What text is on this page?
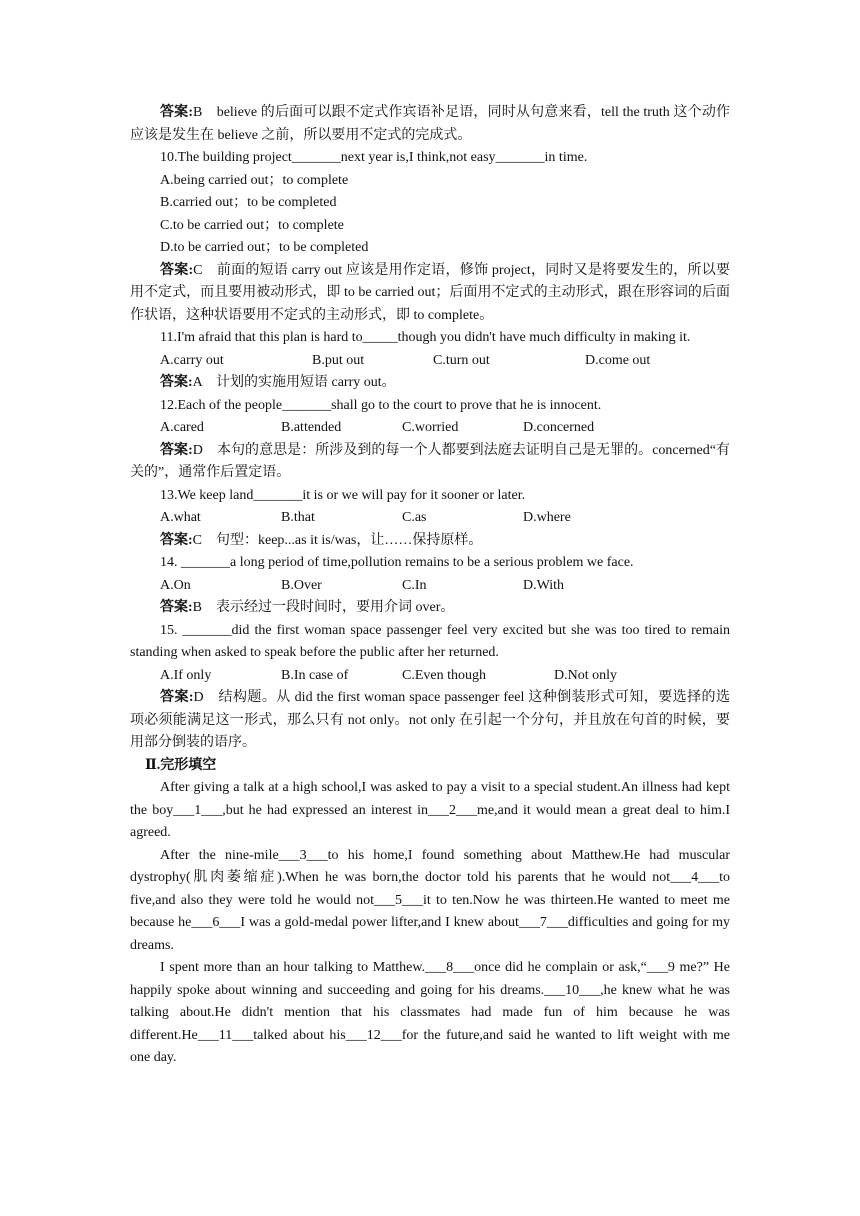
答案:B　believe 的后面可以跟不定式作宾语补足语，同时从句意来看，tell the truth 这个动作应该是发生在 believe 之前，所以要用不定式的完成式。

10.The building project_______next year is,I think,not easy_______in time.

A.being carried out；to complete

B.carried out；to be completed

C.to be carried out；to complete

D.to be carried out；to be completed

答案:C　前面的短语 carry out 应该是用作定语，修饰 project，同时又是将要发生的，所以要用不定式，而且要用被动形式，即 to be carried out；后面用不定式的主动形式，跟在形容词的后面作状语，这种状语要用不定式的主动形式，即 to complete。

11.I'm afraid that this plan is hard to_____though you didn't have much difficulty in making it.

A.carry out	B.put out	C.turn out	D.come out

答案:A　计划的实施用短语 carry out。

12.Each of the people_______shall go to the court to prove that he is innocent.

A.cared	B.attended	C.worried	D.concerned

答案:D　本句的意思是：所涉及到的每一个人都要到法庭去证明自己是无罪的。concerned“有关的”，通常作后置定语。

13.We keep land_______it is or we will pay for it sooner or later.

A.what	B.that	C.as	D.where

答案:C　句型：keep...as it is/was，让……保持原样。

14. _______a long period of time,pollution remains to be a serious problem we face.

A.On	B.Over	C.In	D.With

答案:B　表示经过一段时间时，要用介词 over。

15. _______did the first woman space passenger feel very excited but she was too tired to remain standing when asked to speak before the public after her returned.

A.If only	B.In case of	C.Even though	D.Not only

答案:D　结构题。从 did the first woman space passenger feel 这种倒装形式可知，要选择的选项必须能满足这一形式，那么只有 not only。not only 在引起一个分句，并且放在句首的时候，要用部分倒装的语序。

Ⅱ.完形填空

After giving a talk at a high school,I was asked to pay a visit to a special student.An illness had kept the boy___1___,but he had expressed an interest in___2___me,and it would mean a great deal to him.I agreed.

After the nine-mile___3___to his home,I found something about Matthew.He had muscular dystrophy(肌肉萎缩症).When he was born,the doctor told his parents that he would not___4___to five,and also they were told he would not___5___it to ten.Now he was thirteen.He wanted to meet me because he___6___I was a gold-medal power lifter,and I knew about___7___difficulties and going for my dreams.

I spent more than an hour talking to Matthew.___8___once did he complain or ask,“___9 me?” He happily spoke about winning and succeeding and going for his dreams.___10___,he knew what he was talking about.He didn't mention that his classmates had made fun of him because he was different.He___11___talked about his___12___for the future,and said he wanted to lift weight with me one day.
